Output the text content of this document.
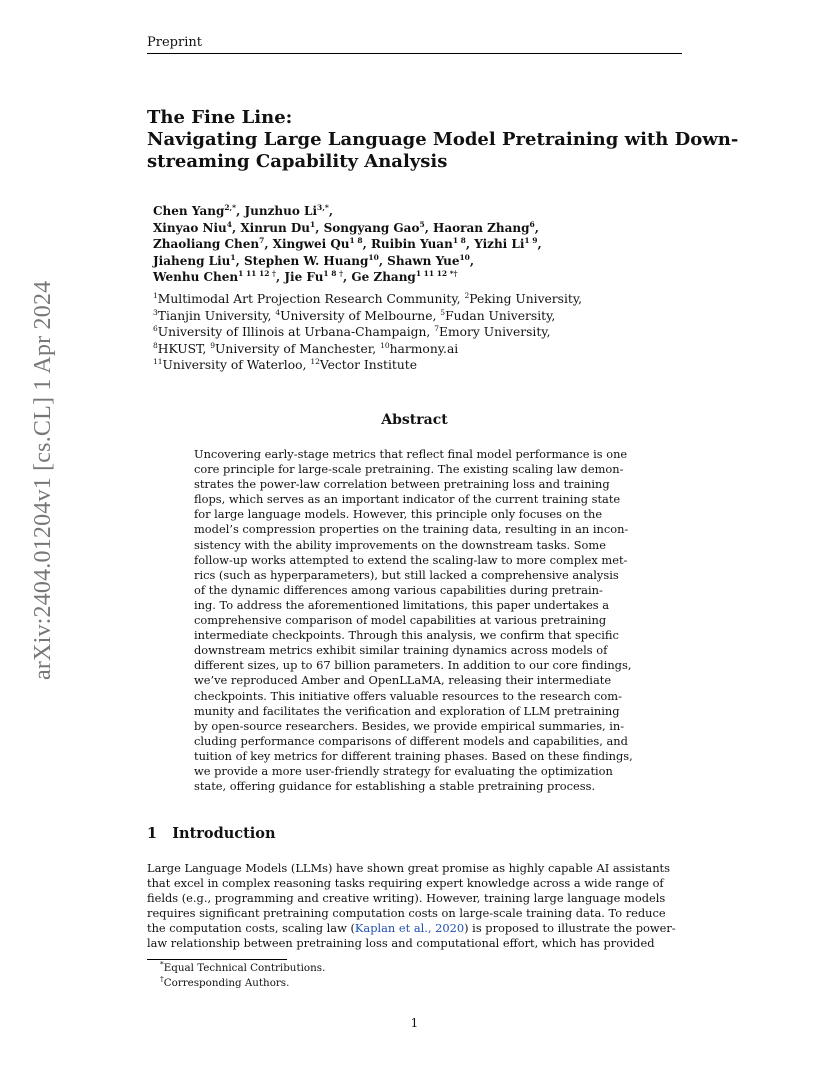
Preprint
arXiv:2404.01204v1 [cs.CL] 1 Apr 2024
The Fine Line:
Navigating Large Language Model Pretraining with Down-
streaming Capability Analysis
Chen Yang$^{2,*}$, Junzhuo $Li^{3,*}$,
Xinyao Niu$^4$, Xinrun Du$^1$, Songyang Gao$^5$, Haoran Zhang$^6$,
Zhaoliang Chen$^7$, Xingwei $Qu^{1 8}$, Ruibin Yuan$^{1 8}$, Yizhi $Li^{1 9}$,
Jiaheng Liu$^1$, Stephen W. Huang$^{10}$, Shawn Yue$^{10}$,
Wenhu Chen$^{1 11 12 \dagger}$, Jie $Fu^{1 8 \dagger}$, Ge Zhang$^{1 11 12 *\dagger}$
$^1$Multimodal Art Projection Research Community, $^2$Peking University,
$^3$Tianjin University, $^4$University of Melbourne, $^5$Fudan University,
$^6$University of Illinois at Urbana-Champaign, $^7$Emory University,
$^8$HKUST, $^9$University of Manchester, $^{10}$harmony.ai
$^{11}$University of Waterloo, $^{12}$Vector Institute
Abstract
Uncovering early-stage metrics that reflect final model performance is one
core principle for large-scale pretraining. The existing scaling law demon-
strates the power-law correlation between pretraining loss and training
flops, which serves as an important indicator of the current training state
for large language models. However, this principle only focuses on the
model’s compression properties on the training data, resulting in an incon-
sistency with the ability improvements on the downstream tasks. Some
follow-up works attempted to extend the scaling-law to more complex met-
rics (such as hyperparameters), but still lacked a comprehensive analysis
of the dynamic differences among various capabilities during pretrain-
ing. To address the aforementioned limitations, this paper undertakes a
comprehensive comparison of model capabilities at various pretraining
intermediate checkpoints. Through this analysis, we confirm that specific
downstream metrics exhibit similar training dynamics across models of
different sizes, up to 67 billion parameters. In addition to our core findings,
we’ve reproduced Amber and OpenLLaMA, releasing their intermediate
checkpoints. This initiative offers valuable resources to the research com-
munity and facilitates the verification and exploration of LLM pretraining
by open-source researchers. Besides, we provide empirical summaries, in-
cluding performance comparisons of different models and capabilities, and
tuition of key metrics for different training phases. Based on these findings,
we provide a more user-friendly strategy for evaluating the optimization
state, offering guidance for establishing a stable pretraining process.
1 Introduction
Large Language Models (LLMs) have shown great promise as highly capable AI assistants
that excel in complex reasoning tasks requiring expert knowledge across a wide range of
fields (e.g., programming and creative writing). However, training large language models
requires significant pretraining computation costs on large-scale training data. To reduce
the computation costs, scaling law (Kaplan et al., 2020) is proposed to illustrate the power-
law relationship between pretraining loss and computational effort, which has provided
*Equal Technical Contributions.
†Corresponding Authors.
1
